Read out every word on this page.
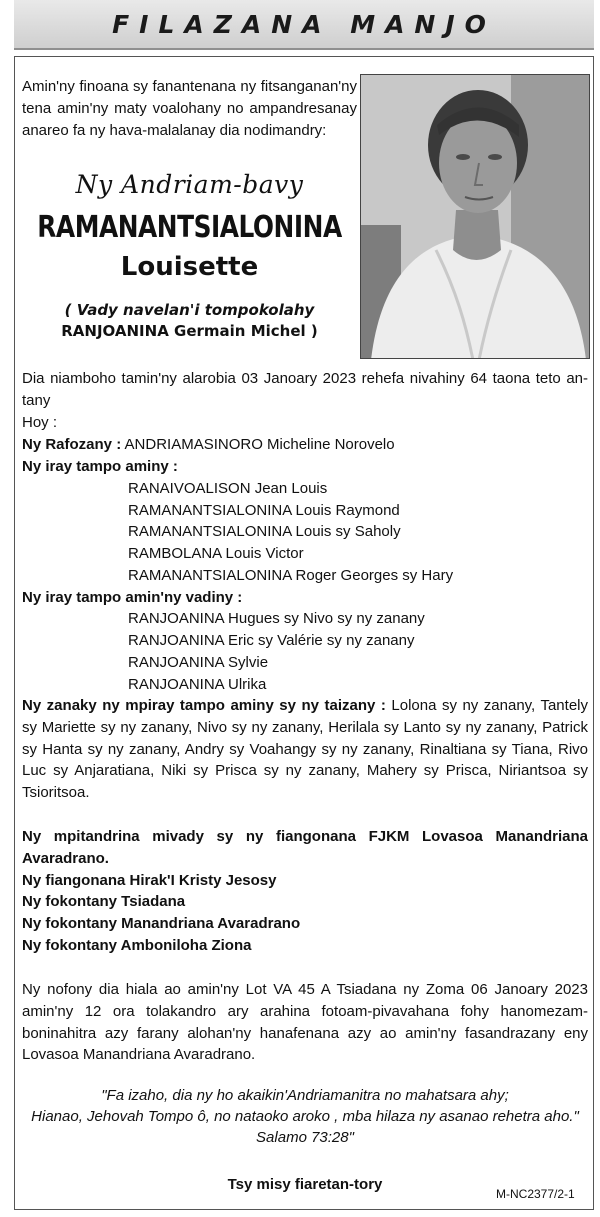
FILAZANA MANJO
Amin'ny finoana sy fanantenana ny fitsanganan'ny tena amin'ny maty voalohany no ampandresanay anareo fa ny hava-malalanay dia nodimandry:
Ny Andriam-bavy
RAMANANTSIALONINA
Louisette
( Vady navelan'i tompokolahy
RANJOANINA Germain Michel )
Dia niamboho tamin'ny alarobia 03 Janoary 2023 rehefa nivahiny 64 taona teto an-tany
Hoy :
Ny Rafozany : ANDRIAMASINORO Micheline Norovelo
Ny iray tampo aminy :
RANAIVOALISON Jean Louis
RAMANANTSIALONINA Louis Raymond
RAMANANTSIALONINA Louis sy Saholy
RAMBOLANA Louis Victor
RAMANANTSIALONINA Roger Georges sy Hary
Ny iray tampo amin'ny vadiny :
RANJOANINA Hugues sy Nivo sy ny zanany
RANJOANINA Eric sy Valérie sy ny zanany
RANJOANINA Sylvie
RANJOANINA Ulrika
Ny zanaky ny mpiray tampo aminy sy ny taizany : Lolona sy ny zanany, Tantely sy Mariette sy ny zanany, Nivo sy ny zanany, Herilala sy Lanto sy ny zanany, Patrick sy Hanta sy ny zanany, Andry sy Voahangy sy ny zanany, Rinaltiana sy Tiana, Rivo Luc sy Anjaratiana, Niki sy Prisca sy ny zanany, Mahery sy Prisca, Niriantsoa sy Tsioritsoa.
Ny mpitandrina mivady sy ny fiangonana FJKM Lovasoa Manandriana Avaradrano.
Ny fiangonana Hirak'I Kristy Jesosy
Ny fokontany Tsiadana
Ny fokontany Manandriana Avaradrano
Ny fokontany Amboniloha Ziona
Ny nofony dia hiala ao amin'ny Lot VA 45 A Tsiadana ny Zoma 06 Janoary 2023 amin'ny 12 ora tolakandro ary arahina fotoam-pivavahana fohy hanomezam-boninahitra azy farany alohan'ny hanafenana azy ao amin'ny fasandrazany eny Lovasoa Manandriana Avaradrano.
"Fa izaho, dia ny ho akaikin'Andriamanitra no mahatsara ahy;
Hianao, Jehovah Tompo ô, no nataoko aroko , mba hilaza ny asanao rehetra aho."
Salamo 73:28"
Tsy misy fiaretan-tory
M-NC2377/2-1
